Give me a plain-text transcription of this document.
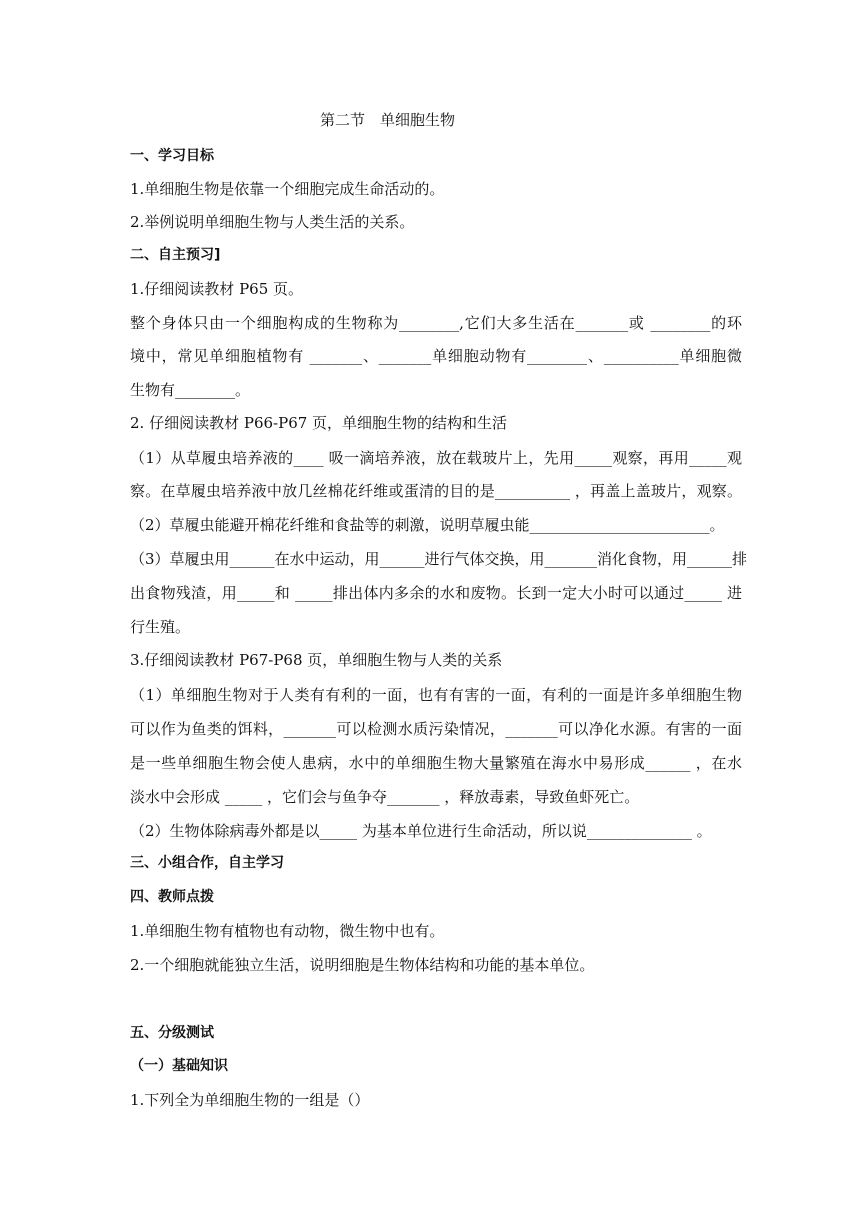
第二节　单细胞生物
一、学习目标
1.单细胞生物是依靠一个细胞完成生命活动的。
2.举例说明单细胞生物与人类生活的关系。
二、自主预习]
1.仔细阅读教材 P65 页。
整个身体只由一个细胞构成的生物称为________,它们大多生活在_______或 ________的环
境中，常见单细胞植物有 _______、_______单细胞动物有________、__________单细胞微
生物有________。
2. 仔细阅读教材 P66-P67 页，单细胞生物的结构和生活
（1）从草履虫培养液的____ 吸一滴培养液，放在载玻片上，先用_____观察，再用_____观
察。在草履虫培养液中放几丝棉花纤维或蛋清的目的是__________ ，再盖上盖玻片，观察。
（2）草履虫能避开棉花纤维和食盐等的刺激，说明草履虫能________________________。
（3）草履虫用______在水中运动，用______进行气体交换，用_______消化食物，用______排
出食物残渣，用_____和 _____排出体内多余的水和废物。长到一定大小时可以通过_____ 进
行生殖。
3.仔细阅读教材 P67-P68 页，单细胞生物与人类的关系
（1）单细胞生物对于人类有有利的一面，也有有害的一面，有利的一面是许多单细胞生物
可以作为鱼类的饵料，_______可以检测水质污染情况，_______可以净化水源。有害的一面
是一些单细胞生物会使人患病，水中的单细胞生物大量繁殖在海水中易形成______ ，在水
淡水中会形成 _____ ，它们会与鱼争夺_______ ，释放毒素，导致鱼虾死亡。
（2）生物体除病毒外都是以_____ 为基本单位进行生命活动，所以说______________ 。
三、小组合作，自主学习
四、教师点拨
1.单细胞生物有植物也有动物，微生物中也有。
2.一个细胞就能独立生活，说明细胞是生物体结构和功能的基本单位。
五、分级测试
（一）基础知识
1.下列全为单细胞生物的一组是（）
